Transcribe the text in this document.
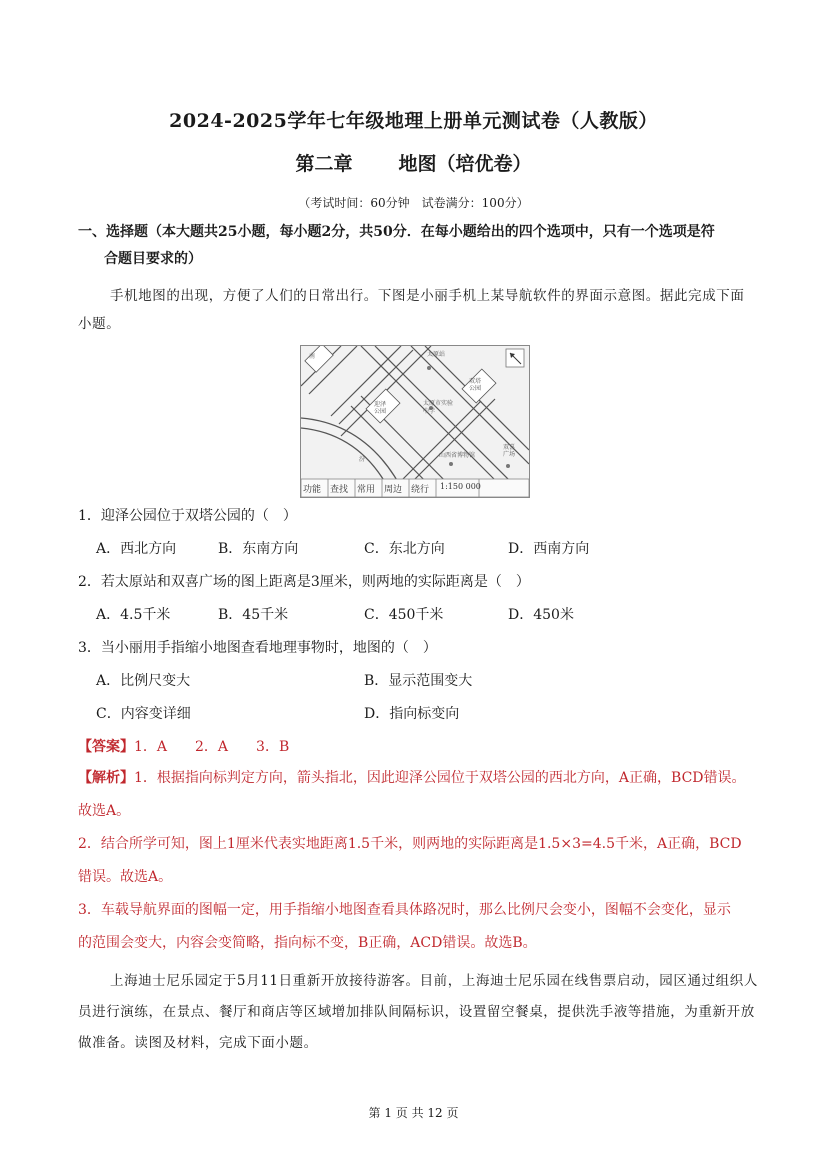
2024-2025学年七年级地理上册单元测试卷（人教版）
第二章 地图（培优卷）
（考试时间：60分钟　试卷满分：100分）
一、选择题（本大题共25小题，每小题2分，共50分．在每小题给出的四个选项中，只有一个选项是符
合题目要求的）
手机地图的出现，方便了人们的日常出行。下图是小丽手机上某导航软件的界面示意图。据此完成下面小题。
太原站
太原市实验中学
山西省博物馆
双喜广场
迎泽公园
双塔公园
南
汾
功能 查找 常用 周边 绕行 1:150 000
1．迎泽公园位于双塔公园的（　）
A．西北方向	B．东南方向	C．东北方向	D．西南方向
2．若太原站和双喜广场的图上距离是3厘米，则两地的实际距离是（　）
A．4.5千米	B．45千米	C．450千米	D．450米
3．当小丽用手指缩小地图查看地理事物时，地图的（　）
A．比例尺变大	B．显示范围变大
C．内容变详细	D．指向标变向
【答案】1．A　　2．A　　3．B
【解析】1．根据指向标判定方向，箭头指北，因此迎泽公园位于双塔公园的西北方向，A正确，BCD错误。
故选A。
2．结合所学可知，图上1厘米代表实地距离1.5千米，则两地的实际距离是1.5×3=4.5千米，A正确，BCD
错误。故选A。
3．车载导航界面的图幅一定，用手指缩小地图查看具体路况时，那么比例尺会变小，图幅不会变化，显示
的范围会变大，内容会变简略，指向标不变，B正确，ACD错误。故选B。
上海迪士尼乐园定于5月11日重新开放接待游客。目前，上海迪士尼乐园在线售票启动，园区通过组织人员进行演练，在景点、餐厅和商店等区域增加排队间隔标识，设置留空餐桌，提供洗手液等措施，为重新开放做准备。读图及材料，完成下面小题。
第 1 页 共 12 页
